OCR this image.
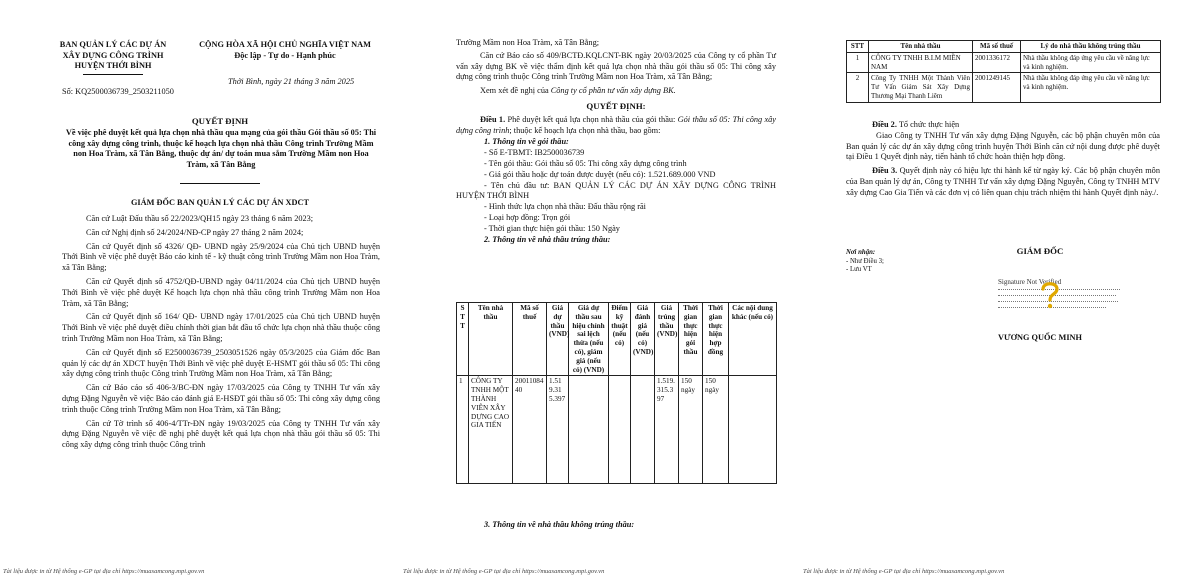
BAN QUẢN LÝ CÁC DỰ ÁN
XÂY DỰNG CÔNG TRÌNH
HUYỆN THỚI BÌNH
CỘNG HÒA XÃ HỘI CHỦ NGHĨA VIỆT NAM
Độc lập - Tự do - Hạnh phúc
Thới Bình, ngày 21 tháng 3 năm 2025
Số: KQ2500036739_2503211050
QUYẾT ĐỊNH
Về việc phê duyệt kết quả lựa chọn nhà thầu qua mạng của gói thầu Gói thầu số 05: Thi công xây dựng công trình, thuộc kế hoạch lựa chọn nhà thầu Công trình Trường Mầm non Hoa Tràm, xã Tân Bằng, thuộc dự án/ dự toán mua sắm Trường Mầm non Hoa Tràm, xã Tân Bằng
GIÁM ĐỐC BAN QUẢN LÝ CÁC DỰ ÁN XDCT
Căn cứ Luật Đấu thầu số 22/2023/QH15 ngày 23 tháng 6 năm 2023;
Căn cứ Nghị định số 24/2024/NĐ-CP ngày 27 tháng 2 năm 2024;
Căn cứ Quyết định số 4326/ QĐ- UBND ngày 25/9/2024 của Chủ tịch UBND huyện Thới Bình về việc phê duyệt Báo cáo kinh tế - kỹ thuật công trình Trường Mầm non Hoa Tràm, xã Tân Bằng;
Căn cứ Quyết định số 4752/QĐ-UBND ngày 04/11/2024 của Chủ tịch UBND huyện Thới Bình về việc phê duyệt Kế hoạch lựa chọn nhà thầu công trình Trường Mầm non Hoa Tràm, xã Tân Bằng;
Căn cứ Quyết định số 164/ QĐ- UBND ngày 17/01/2025 của Chủ tịch UBND huyện Thới Bình về việc phê duyệt điều chỉnh thời gian bắt đầu tổ chức lựa chọn nhà thầu thuộc công trình Trường Mầm non Hoa Tràm, xã Tân Bằng;
Căn cứ Quyết định số E2500036739_2503051526 ngày 05/3/2025 của Giám đốc Ban quản lý các dự án XDCT huyện Thới Bình về việc phê duyệt E-HSMT gói thầu số 05: Thi công xây dựng công trình thuộc Công trình Trường Mầm non Hoa Tràm, xã Tân Bằng;
Căn cứ Báo cáo số 406-3/BC-ĐN ngày 17/03/2025 của Công ty TNHH Tư vấn xây dựng Đặng Nguyễn về việc Báo cáo đánh giá E-HSĐT gói thầu số 05: Thi công xây dựng công trình thuộc Công trình Trường Mầm non Hoa Tràm, xã Tân Bằng;
Căn cứ Tờ trình số 406-4/TTr-ĐN ngày 19/03/2025 của Công ty TNHH Tư vấn xây dựng Đặng Nguyễn về việc đề nghị phê duyệt kết quả lựa chọn nhà thầu gói thầu số 05: Thi công xây dựng công trình thuộc Công trình
Tài liệu được in từ Hệ thống e-GP tại địa chỉ https://muasamcong.mpi.gov.vn
Trường Mầm non Hoa Tràm, xã Tân Bằng;
Căn cứ Báo cáo số 409/BCTĐ.KQLCNT-BK ngày 20/03/2025 của Công ty cổ phần Tư vấn xây dựng BK về việc thẩm định kết quả lựa chọn nhà thầu gói thầu số 05: Thi công xây dựng công trình thuộc Công trình Trường Mầm non Hoa Tràm, xã Tân Bằng;
Xem xét đề nghị của Công ty cổ phần tư vấn xây dựng BK.
QUYẾT ĐỊNH:
Điều 1. Phê duyệt kết quả lựa chọn nhà thầu của gói thầu: Gói thầu số 05: Thi công xây dựng công trình; thuộc kế hoạch lựa chọn nhà thầu, bao gồm:
1. Thông tin về gói thầu:
- Số E-TBMT: IB2500036739
- Tên gói thầu: Gói thầu số 05: Thi công xây dựng công trình
- Giá gói thầu hoặc dự toán được duyệt (nếu có): 1.521.689.000 VND
- Tên chủ đầu tư: BAN QUẢN LÝ CÁC DỰ ÁN XÂY DỰNG CÔNG TRÌNH HUYỆN THỚI BÌNH
- Hình thức lựa chọn nhà thầu: Đấu thầu rộng rãi
- Loại hợp đồng: Trọn gói
- Thời gian thực hiện gói thầu: 150 Ngày
2. Thông tin về nhà thầu trúng thầu:
S T T	Tên nhà thầu	Mã số thuế	Giá dự thầu (VND)	Giá dự thầu sau hiệu chỉnh sai lệch thừa (nếu có), giảm giá (nếu có) (VND)	Điểm kỹ thuật (nếu có)	Giá đánh giá (nếu có) (VND)	Giá trúng thầu (VND)	Thời gian thực hiện gói thầu	Thời gian thực hiện hợp đồng	Các nội dung khác (nếu có)
1	CÔNG TY TNHH MỘT THÀNH VIÊN XÂY DỰNG CAO GIA TIẾN	2001108440	1.519.315.397				1.519.315.397	150 ngày	150 ngày	
3. Thông tin về nhà thầu không trúng thầu:
Tài liệu được in từ Hệ thống e-GP tại địa chỉ https://muasamcong.mpi.gov.vn
STT	Tên nhà thầu	Mã số thuế	Lý do nhà thầu không trúng thầu
1	CÔNG TY TNHH B.I.M MIỀN NAM	2001336172	Nhà thầu không đáp ứng yêu cầu về năng lực và kinh nghiệm.
2	Công Ty TNHH Một Thành Viên Tư Vấn Giám Sát Xây Dựng Thương Mại Thanh Liêm	2001249145	Nhà thầu không đáp ứng yêu cầu về năng lực và kinh nghiệm.
Điều 2. Tổ chức thực hiện
Giao Công ty TNHH Tư vấn xây dựng Đặng Nguyễn, các bộ phận chuyên môn của Ban quản lý các dự án xây dựng công trình huyện Thới Bình căn cứ nội dung được phê duyệt tại Điều 1 Quyết định này, tiến hành tổ chức hoàn thiện hợp đồng.
Điều 3. Quyết định này có hiệu lực thi hành kể từ ngày ký. Các bộ phận chuyên môn của Ban quản lý dự án, Công ty TNHH Tư vấn xây dựng Đặng Nguyễn, Công ty TNHH MTV xây dựng Cao Gia Tiến và các đơn vị có liên quan chịu trách nhiệm thi hành Quyết định này./.
Nơi nhận:
- Như Điều 3;
- Lưu VT
GIÁM ĐỐC
Signature Not Verified
VƯƠNG QUỐC MINH
Tài liệu được in từ Hệ thống e-GP tại địa chỉ https://muasamcong.mpi.gov.vn
